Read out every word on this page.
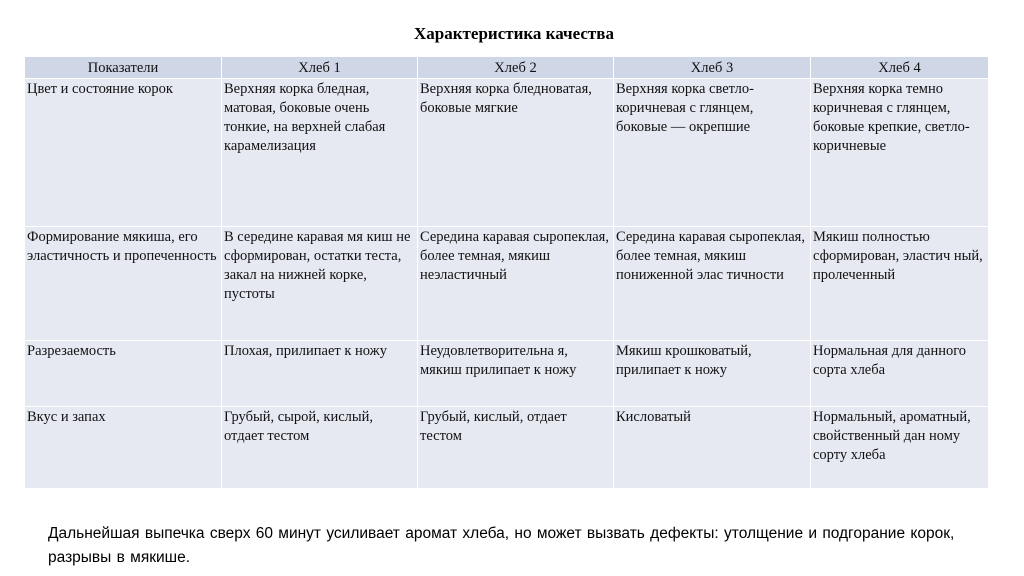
Характеристика качества
Показатели	Хлеб 1	Хлеб 2	Хлеб 3	Хлеб 4
Цвет и состояние корок	Верхняя корка бледная, матовая, боковые очень тонкие, на верхней слабая карамелизация	Верхняя корка бледноватая, боковые мягкие	Верхняя корка светло-коричневая с глянцем, боковые — окрепшие	Верхняя корка темно коричневая с глянцем, боковые крепкие, светло-коричневые
Формирование мякиша, его эластичность и пропеченность	В середине каравая мя киш не сформирован, остатки теста, закал на нижней корке, пустоты	Середина каравая сыропеклая, более темная, мякиш неэластичный	Середина каравая сыропеклая, более темная, мякиш пониженной элас тичности	Мякиш полностью сформирован, эластич ный, пролеченный
Разрезаемость	Плохая, прилипает к ножу	Неудовлетворительна я, мякиш прилипает к ножу	Мякиш крошковатый, прилипает к ножу	Нормальная для данного сорта хлеба
Вкус и запах	Грубый, сырой, кислый, отдает тестом	Грубый, кислый, отдает тестом	Кисловатый	Нормальный, ароматный, свойственный дан ному сорту хлеба
Дальнейшая выпечка сверх 60 минут усиливает аромат хлеба, но может вызвать дефекты: утолщение и подгорание корок, разрывы в мякише.
